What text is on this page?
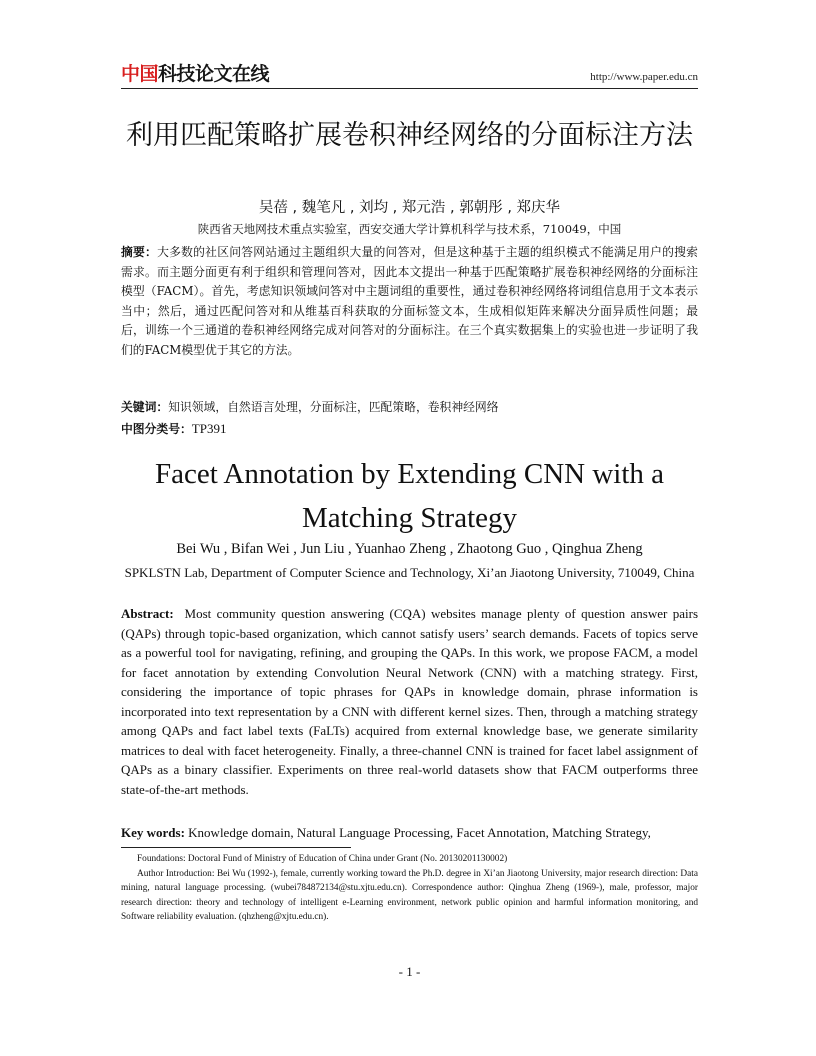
中国科技论文在线	http://www.paper.edu.cn
利用匹配策略扩展卷积神经网络的分面标注方法
吴蓓 , 魏笔凡 , 刘均 , 郑元浩 , 郭朝彤 , 郑庆华
陕西省天地网技术重点实验室，西安交通大学计算机科学与技术系，710049，中国

摘要：大多数的社区问答网站通过主题组织大量的问答对，但是这种基于主题的组织模式不能满足用户的搜索需求。而主题分面更有利于组织和管理问答对，因此本文提出一种基于匹配策略扩展卷积神经网络的分面标注模型（FACM）。首先，考虑知识领域问答对中主题词组的重要性，通过卷积神经网络将词组信息用于文本表示当中；然后，通过匹配问答对和从维基百科获取的分面标签文本，生成相似矩阵来解决分面异质性问题；最后，训练一个三通道的卷积神经网络完成对问答对的分面标注。在三个真实数据集上的实验也进一步证明了我们的FACM模型优于其它的方法。

关键词：知识领域，自然语言处理，分面标注，匹配策略，卷积神经网络
中图分类号：TP391
Facet Annotation by Extending CNN with a Matching Strategy
Bei Wu , Bifan Wei , Jun Liu , Yuanhao Zheng , Zhaotong Guo , Qinghua Zheng
SPKLSTN Lab, Department of Computer Science and Technology, Xi’an Jiaotong University, 710049, China

Abstract: Most community question answering (CQA) websites manage plenty of question answer pairs (QAPs) through topic-based organization, which cannot satisfy users’ search demands. Facets of topics serve as a powerful tool for navigating, refining, and grouping the QAPs. In this work, we propose FACM, a model for facet annotation by extending Convolution Neural Network (CNN) with a matching strategy. First, considering the importance of topic phrases for QAPs in knowledge domain, phrase information is incorporated into text representation by a CNN with different kernel sizes. Then, through a matching strategy among QAPs and fact label texts (FaLTs) acquired from external knowledge base, we generate similarity matrices to deal with facet heterogeneity. Finally, a three-channel CNN is trained for facet label assignment of QAPs as a binary classifier. Experiments on three real-world datasets show that FACM outperforms three state-of-the-art methods.

Key words: Knowledge domain, Natural Language Processing, Facet Annotation, Matching Strategy,

Foundations: Doctoral Fund of Ministry of Education of China under Grant (No. 20130201130002)

Author Introduction: Bei Wu (1992-), female, currently working toward the Ph.D. degree in Xi’an Jiaotong University, major research direction: Data mining, natural language processing. (wubei784872134@stu.xjtu.edu.cn). Correspondence author: Qinghua Zheng (1969-), male, professor, major research direction: theory and technology of intelligent e-Learning environment, network public opinion and harmful information monitoring, and Software reliability evaluation. (qhzheng@xjtu.edu.cn).

- 1 -
